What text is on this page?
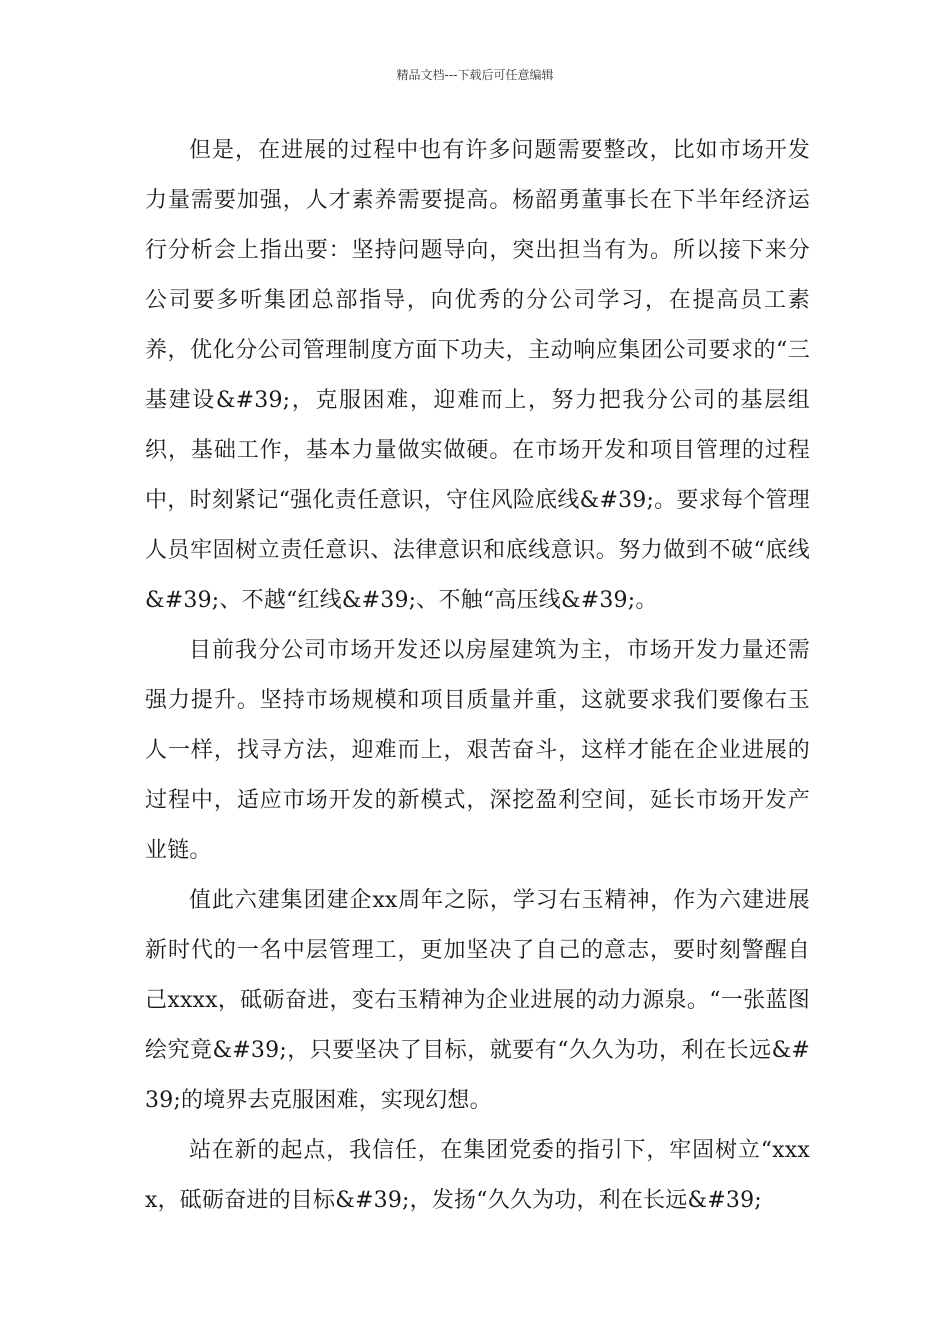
精品文档---下载后可任意编辑

但是，在进展的过程中也有许多问题需要整改，比如市场开发力量需要加强，人才素养需要提高。杨韶勇董事长在下半年经济运行分析会上指出要：坚持问题导向，突出担当有为。所以接下来分公司要多听集团总部指导，向优秀的分公司学习，在提高员工素养，优化分公司管理制度方面下功夫，主动响应集团公司要求的“三基建设&#39;，克服困难，迎难而上，努力把我分公司的基层组织，基础工作，基本力量做实做硬。在市场开发和项目管理的过程中，时刻紧记“强化责任意识，守住风险底线&#39;。要求每个管理人员牢固树立责任意识、法律意识和底线意识。努力做到不破“底线&#39;、不越“红线&#39;、不触“高压线&#39;。

目前我分公司市场开发还以房屋建筑为主，市场开发力量还需强力提升。坚持市场规模和项目质量并重，这就要求我们要像右玉人一样，找寻方法，迎难而上，艰苦奋斗，这样才能在企业进展的过程中，适应市场开发的新模式，深挖盈利空间，延长市场开发产业链。

值此六建集团建企xx周年之际，学习右玉精神，作为六建进展新时代的一名中层管理工，更加坚决了自己的意志，要时刻警醒自己xxxx，砥砺奋进，变右玉精神为企业进展的动力源泉。“一张蓝图绘究竟&#39;，只要坚决了目标，就要有“久久为功，利在长远&#39;的境界去克服困难，实现幻想。

站在新的起点，我信任，在集团党委的指引下，牢固树立“xxxx，砥砺奋进的目标&#39;，发扬“久久为功，利在长远&#39;
